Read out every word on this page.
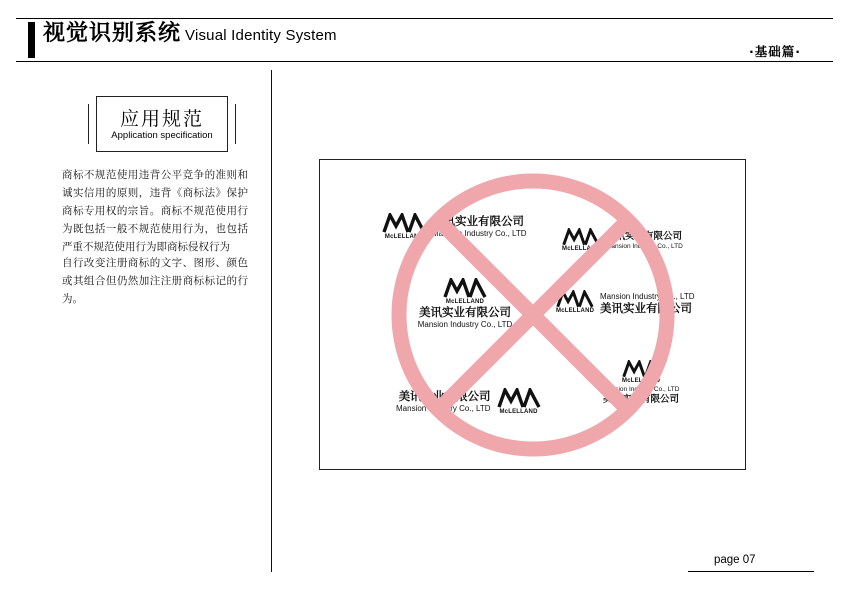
视觉识别系统 Visual Identity System
·基础篇·
应用规范
Application specification
商标不规范使用违背公平竞争的准则和诚实信用的原则，违背《商标法》保护商标专用权的宗旨。商标不规范使用行为既包括一般不规范使用行为，也包括严重不规范使用行为即商标侵权行为
自行改变注册商标的文字、图形、颜色或其组合但仍然加注注册商标标记的行为。
McLELLAND
美讯实业有限公司
Mansion Industry Co., LTD
McLELLAND
美讯实业有限公司
Mansion Industry Co., LTD
McLELLAND
美讯实业有限公司
Mansion Industry Co., LTD
McLELLAND
Mansion Industry Co., LTD
美讯实业有限公司
美讯实业有限公司
Mansion Industry Co., LTD	McLELLAND
McLELLAND
Mansion Industry Co., LTD
美讯实业有限公司
page 07
